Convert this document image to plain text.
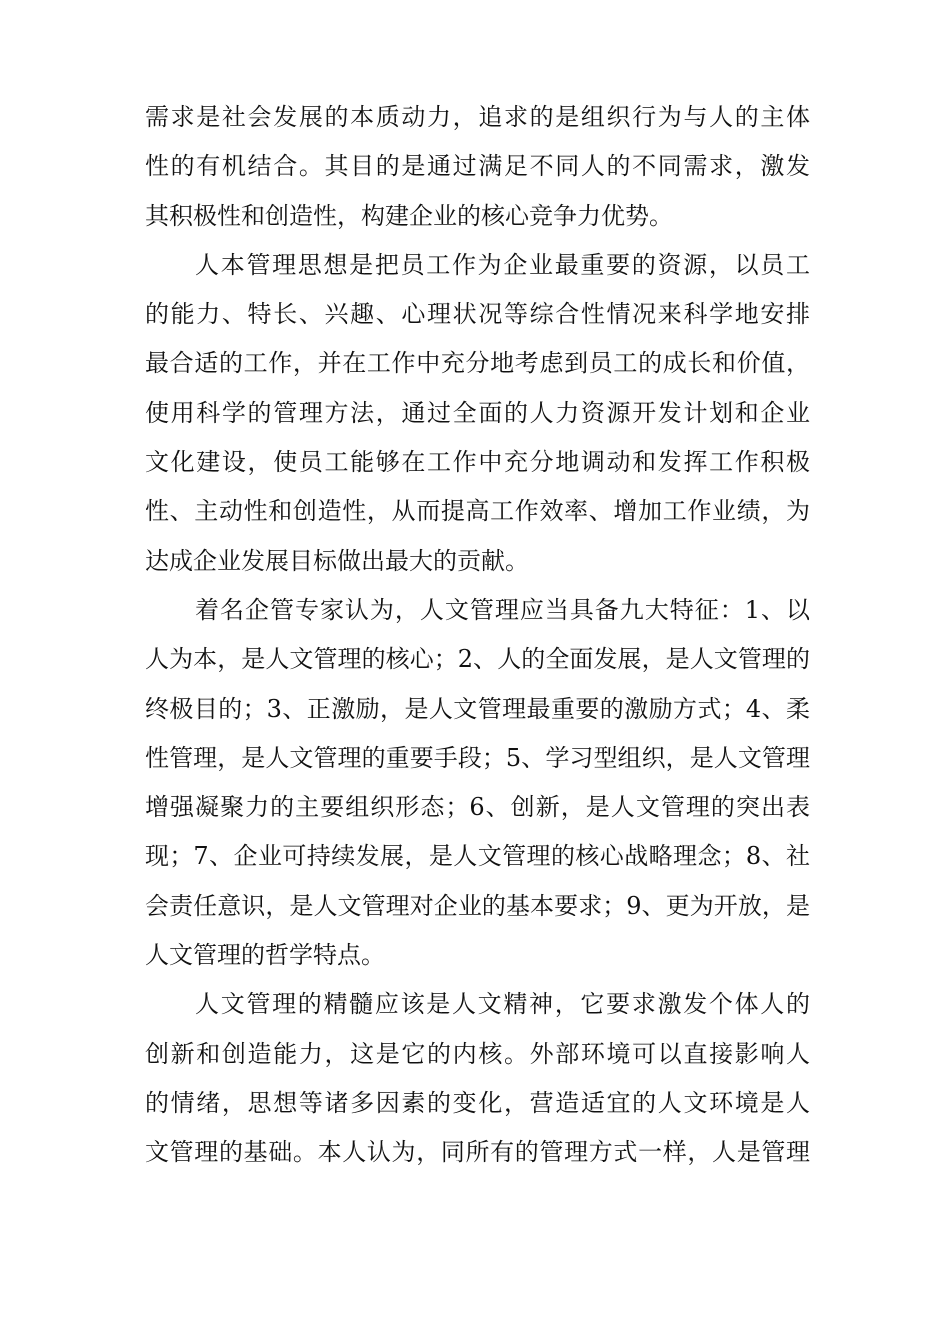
需求是社会发展的本质动力，追求的是组织行为与人的主体
性的有机结合。其目的是通过满足不同人的不同需求，激发
其积极性和创造性，构建企业的核心竞争力优势。
人本管理思想是把员工作为企业最重要的资源，以员工
的能力、特长、兴趣、心理状况等综合性情况来科学地安排
最合适的工作，并在工作中充分地考虑到员工的成长和价值，
使用科学的管理方法，通过全面的人力资源开发计划和企业
文化建设，使员工能够在工作中充分地调动和发挥工作积极
性、主动性和创造性，从而提高工作效率、增加工作业绩，为
达成企业发展目标做出最大的贡献。
着名企管专家认为，人文管理应当具备九大特征：1、以
人为本，是人文管理的核心；2、人的全面发展，是人文管理的
终极目的；3、正激励，是人文管理最重要的激励方式；4、柔
性管理，是人文管理的重要手段；5、学习型组织，是人文管理
增强凝聚力的主要组织形态；6、创新，是人文管理的突出表
现；7、企业可持续发展，是人文管理的核心战略理念；8、社
会责任意识，是人文管理对企业的基本要求；9、更为开放，是
人文管理的哲学特点。
人文管理的精髓应该是人文精神，它要求激发个体人的
创新和创造能力，这是它的内核。外部环境可以直接影响人
的情绪，思想等诸多因素的变化，营造适宜的人文环境是人
文管理的基础。本人认为，同所有的管理方式一样，人是管理
